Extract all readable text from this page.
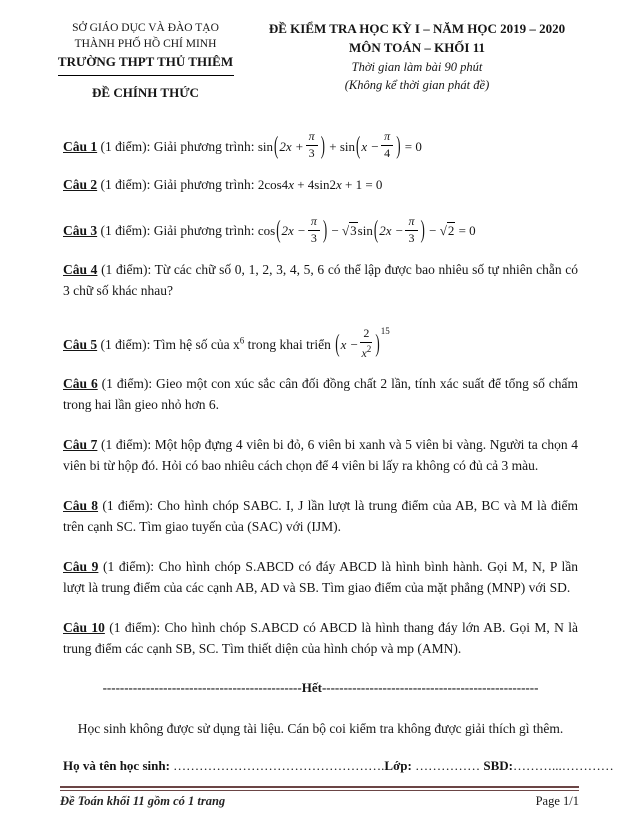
SỞ GIÁO DỤC VÀ ĐÀO TẠO
THÀNH PHỐ HỒ CHÍ MINH
TRƯỜNG THPT THỦ THIÊM
ĐỀ CHÍNH THỨC
ĐỀ KIỂM TRA HỌC KỲ I – NĂM HỌC 2019 – 2020
MÔN TOÁN – KHỐI 11
Thời gian làm bài 90 phút
(Không kể thời gian phát đề)

Câu 1 (1 điểm): Giải phương trình: $\sin(2x + \frac{\pi}{3}$ ) + $\sin(x - \frac{\pi}{4}$ ) = 0

Câu 2 (1 điểm): Giải phương trình: 2cos4x + 4sin2x + 1 = 0

Câu 3 (1 điểm): Giải phương trình: $\cos(2x - \frac{\pi}{3}$ ) − $√3\sin(2x - \frac{\pi}{3}$ ) − √2 = 0

Câu 4 (1 điểm): Từ các chữ số 0, 1, 2, 3, 4, 5, 6 có thể lập được bao nhiêu số tự nhiên chẵn có 3 chữ số khác nhau?

Câu 5 (1 điểm): Tìm hệ số của $x^6$ trong khai triển $(x - \frac{2}{x^2} )^{15}$

Câu 6 (1 điểm): Gieo một con xúc sắc cân đối đồng chất 2 lần, tính xác suất để tổng số chấm trong hai lần gieo nhỏ hơn 6.

Câu 7 (1 điểm): Một hộp đựng 4 viên bi đỏ, 6 viên bi xanh và 5 viên bi vàng. Người ta chọn 4 viên bi từ hộp đó. Hỏi có bao nhiêu cách chọn để 4 viên bi lấy ra không có đủ cả 3 màu.

Câu 8 (1 điểm): Cho hình chóp SABC. I, J lần lượt là trung điểm của AB, BC và M là điểm trên cạnh SC. Tìm giao tuyến của (SAC) với (IJM).

Câu 9 (1 điểm): Cho hình chóp S.ABCD có đáy ABCD là hình bình hành. Gọi M, N, P lần lượt là trung điểm của các cạnh AB, AD và SB. Tìm giao điểm của mặt phẳng (MNP) với SD.

Câu 10 (1 điểm): Cho hình chóp S.ABCD có ABCD là hình thang đáy lớn AB. Gọi M, N là trung điểm các cạnh SB, SC. Tìm thiết diện của hình chóp và mp (AMN).

----------------------------------------------Hết--------------------------------------------------
Học sinh không được sử dụng tài liệu. Cán bộ coi kiểm tra không được giải thích gì thêm.
Họ và tên học sinh: ………………………………………….Lớp: …………… SBD:………...…………
Đề Toán khối 11 gồm có 1 trang	Page 1/1
